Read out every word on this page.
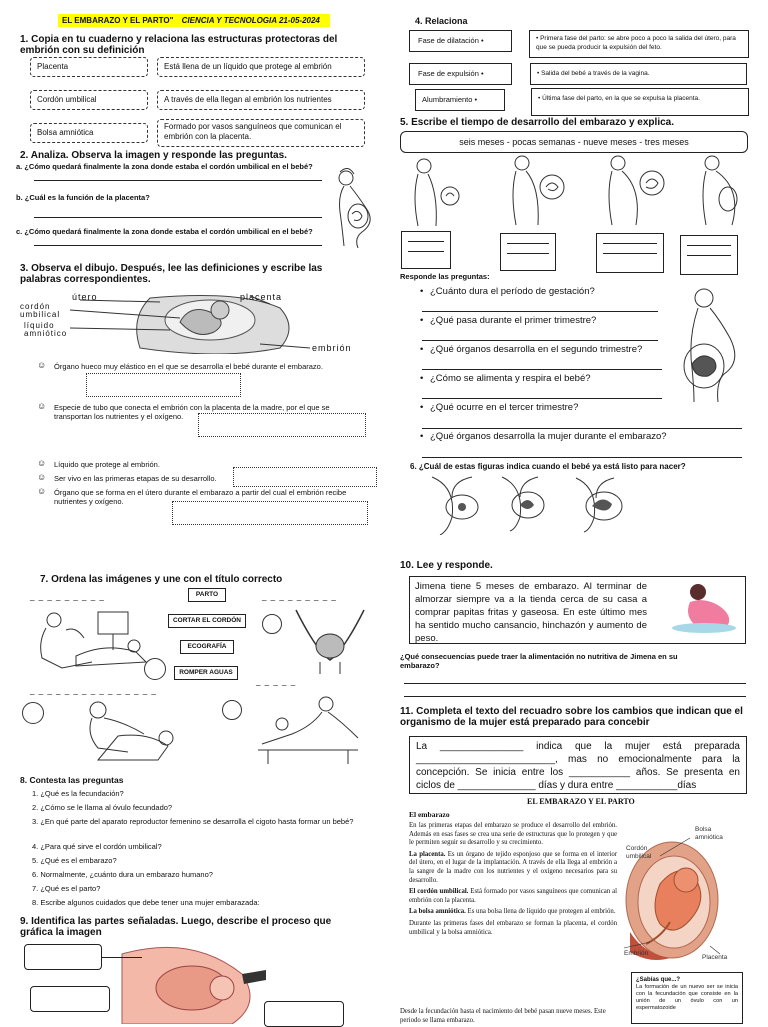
EL EMBARAZO Y EL PARTO" CIENCIA Y TECNOLOGIA 21-05-2024
1. Copia en tu cuaderno y relaciona las estructuras protectoras del embrión con su definición
Placenta
Cordón umbilical
Bolsa amniótica
Está llena de un líquido que protege al embrión
A través de ella llegan al embrión los nutrientes
Formado por vasos sanguíneos que comunican el embrión con la placenta.
2. Analiza. Observa la imagen y responde las preguntas.
a. ¿Cómo quedará finalmente la zona donde estaba el cordón umbilical en el bebé?
b. ¿Cuál es la función de la placenta?
c. ¿Cómo quedará finalmente la zona donde estaba el cordón umbilical en el bebé?
3. Observa el dibujo. Después, lee las definiciones y escribe las palabras correspondientes.
útero	placenta
cordón umbilical
líquido amniótico
embrión
☺ Órgano hueco muy elástico en el que se desarrolla el bebé durante el embarazo.
☺ Especie de tubo que conecta el embrión con la placenta de la madre, por el que se transportan los nutrientes y el oxígeno.
☺ Líquido que protege al embrión.
☺ Ser vivo en las primeras etapas de su desarrollo.
☺ Órgano que se forma en el útero durante el embarazo a partir del cual el embrión recibe nutrientes y oxígeno.
7. Ordena las imágenes y une con el título correcto
_ _ _ _ _ _ _ _ _	_ _ _ _ _ _ _ _ _
PARTO
CORTAR EL CORDÓN
ECOGRAFÍA
ROMPER AGUAS
_ _ _ _ _ _ _ _ _ _ _ _ _ _ _
_ _ _ _ _
8. Contesta las preguntas
1. ¿Qué es la fecundación?
2. ¿Cómo se le llama al óvulo fecundado?
3. ¿En qué parte del aparato reproductor femenino se desarrolla el cigoto hasta formar un bebé?
4. ¿Para qué sirve el cordón umbilical?
5. ¿Qué es el embarazo?
6. Normalmente, ¿cuánto dura un embarazo humano?
7. ¿Qué es el parto?
8. Escribe algunos cuidados que debe tener una mujer embarazada:
9. Identifica las partes señaladas. Luego, describe el proceso que gráfica la imagen
4. Relaciona
Fase de dilatación •
Fase de expulsión •
Alumbramiento •
• Primera fase del parto: se abre poco a poco la salida del útero, para que se pueda producir la expulsión del feto.
• Salida del bebé a través de la vagina.
• Última fase del parto, en la que se expulsa la placenta.
5. Escribe el tiempo de desarrollo del embarazo y explica.
seis meses - pocas semanas - nueve meses - tres meses
Responde las preguntas:
• ¿Cuánto dura el período de gestación?
• ¿Qué pasa durante el primer trimestre?
• ¿Qué órganos desarrolla en el segundo trimestre?
• ¿Cómo se alimenta y respira el bebé?
• ¿Qué ocurre en el tercer trimestre?
• ¿Qué órganos desarrolla la mujer durante el embarazo?
6. ¿Cuál de estas figuras indica cuando el bebé ya está listo para nacer?
10. Lee y responde.
Jimena tiene 5 meses de embarazo. Al terminar de almorzar siempre va a la tienda cerca de su casa a comprar papitas fritas y gaseosa. En este último mes ha sentido mucho cansancio, hinchazón y aumento de peso.
¿Qué consecuencias puede traer la alimentación no nutritiva de Jimena en su embarazo?
11. Completa el texto del recuadro sobre los cambios que indican que el organismo de la mujer está preparado para concebir
La _______________ indica que la mujer está preparada _________________________, mas no emocionalmente para la concepción. Se inicia entre los ___________ años. Se presenta en ciclos de ______________ días y dura entre ___________días
EL EMBARAZO Y EL PARTO
El embarazo

En las primeras etapas del embarazo se produce el desarrollo del embrión. Además en esas fases se crea una serie de estructuras que lo protegen y que le permiten seguir su desarrollo y su crecimiento.

La placenta. Es un órgano de tejido esponjoso que se forma en el interior del útero, en el lugar de la implantación. A través de ella llega al embrión a la sangre de la madre con los nutrientes y el oxígeno necesarios para su desarrollo.

El cordón umbilical. Está formado por vasos sanguíneos que comunican al embrión con la placenta.

La bolsa amniótica. Es una bolsa llena de líquido que protegen al embrión.

Durante las primeras fases del embarazo se forman la placenta, el cordón umbilical y la bolsa amniótica.

Desde la fecundación hasta el nacimiento del bebé pasan nueve meses. Este periodo se llama embarazo.
Bolsa amniótica
Cordón umbilical
Embrión
Placenta
¿Sabías que...?
La formación de un nuevo ser se inicia con la fecundación que consiste en la unión de un óvulo con un espermatozoide
